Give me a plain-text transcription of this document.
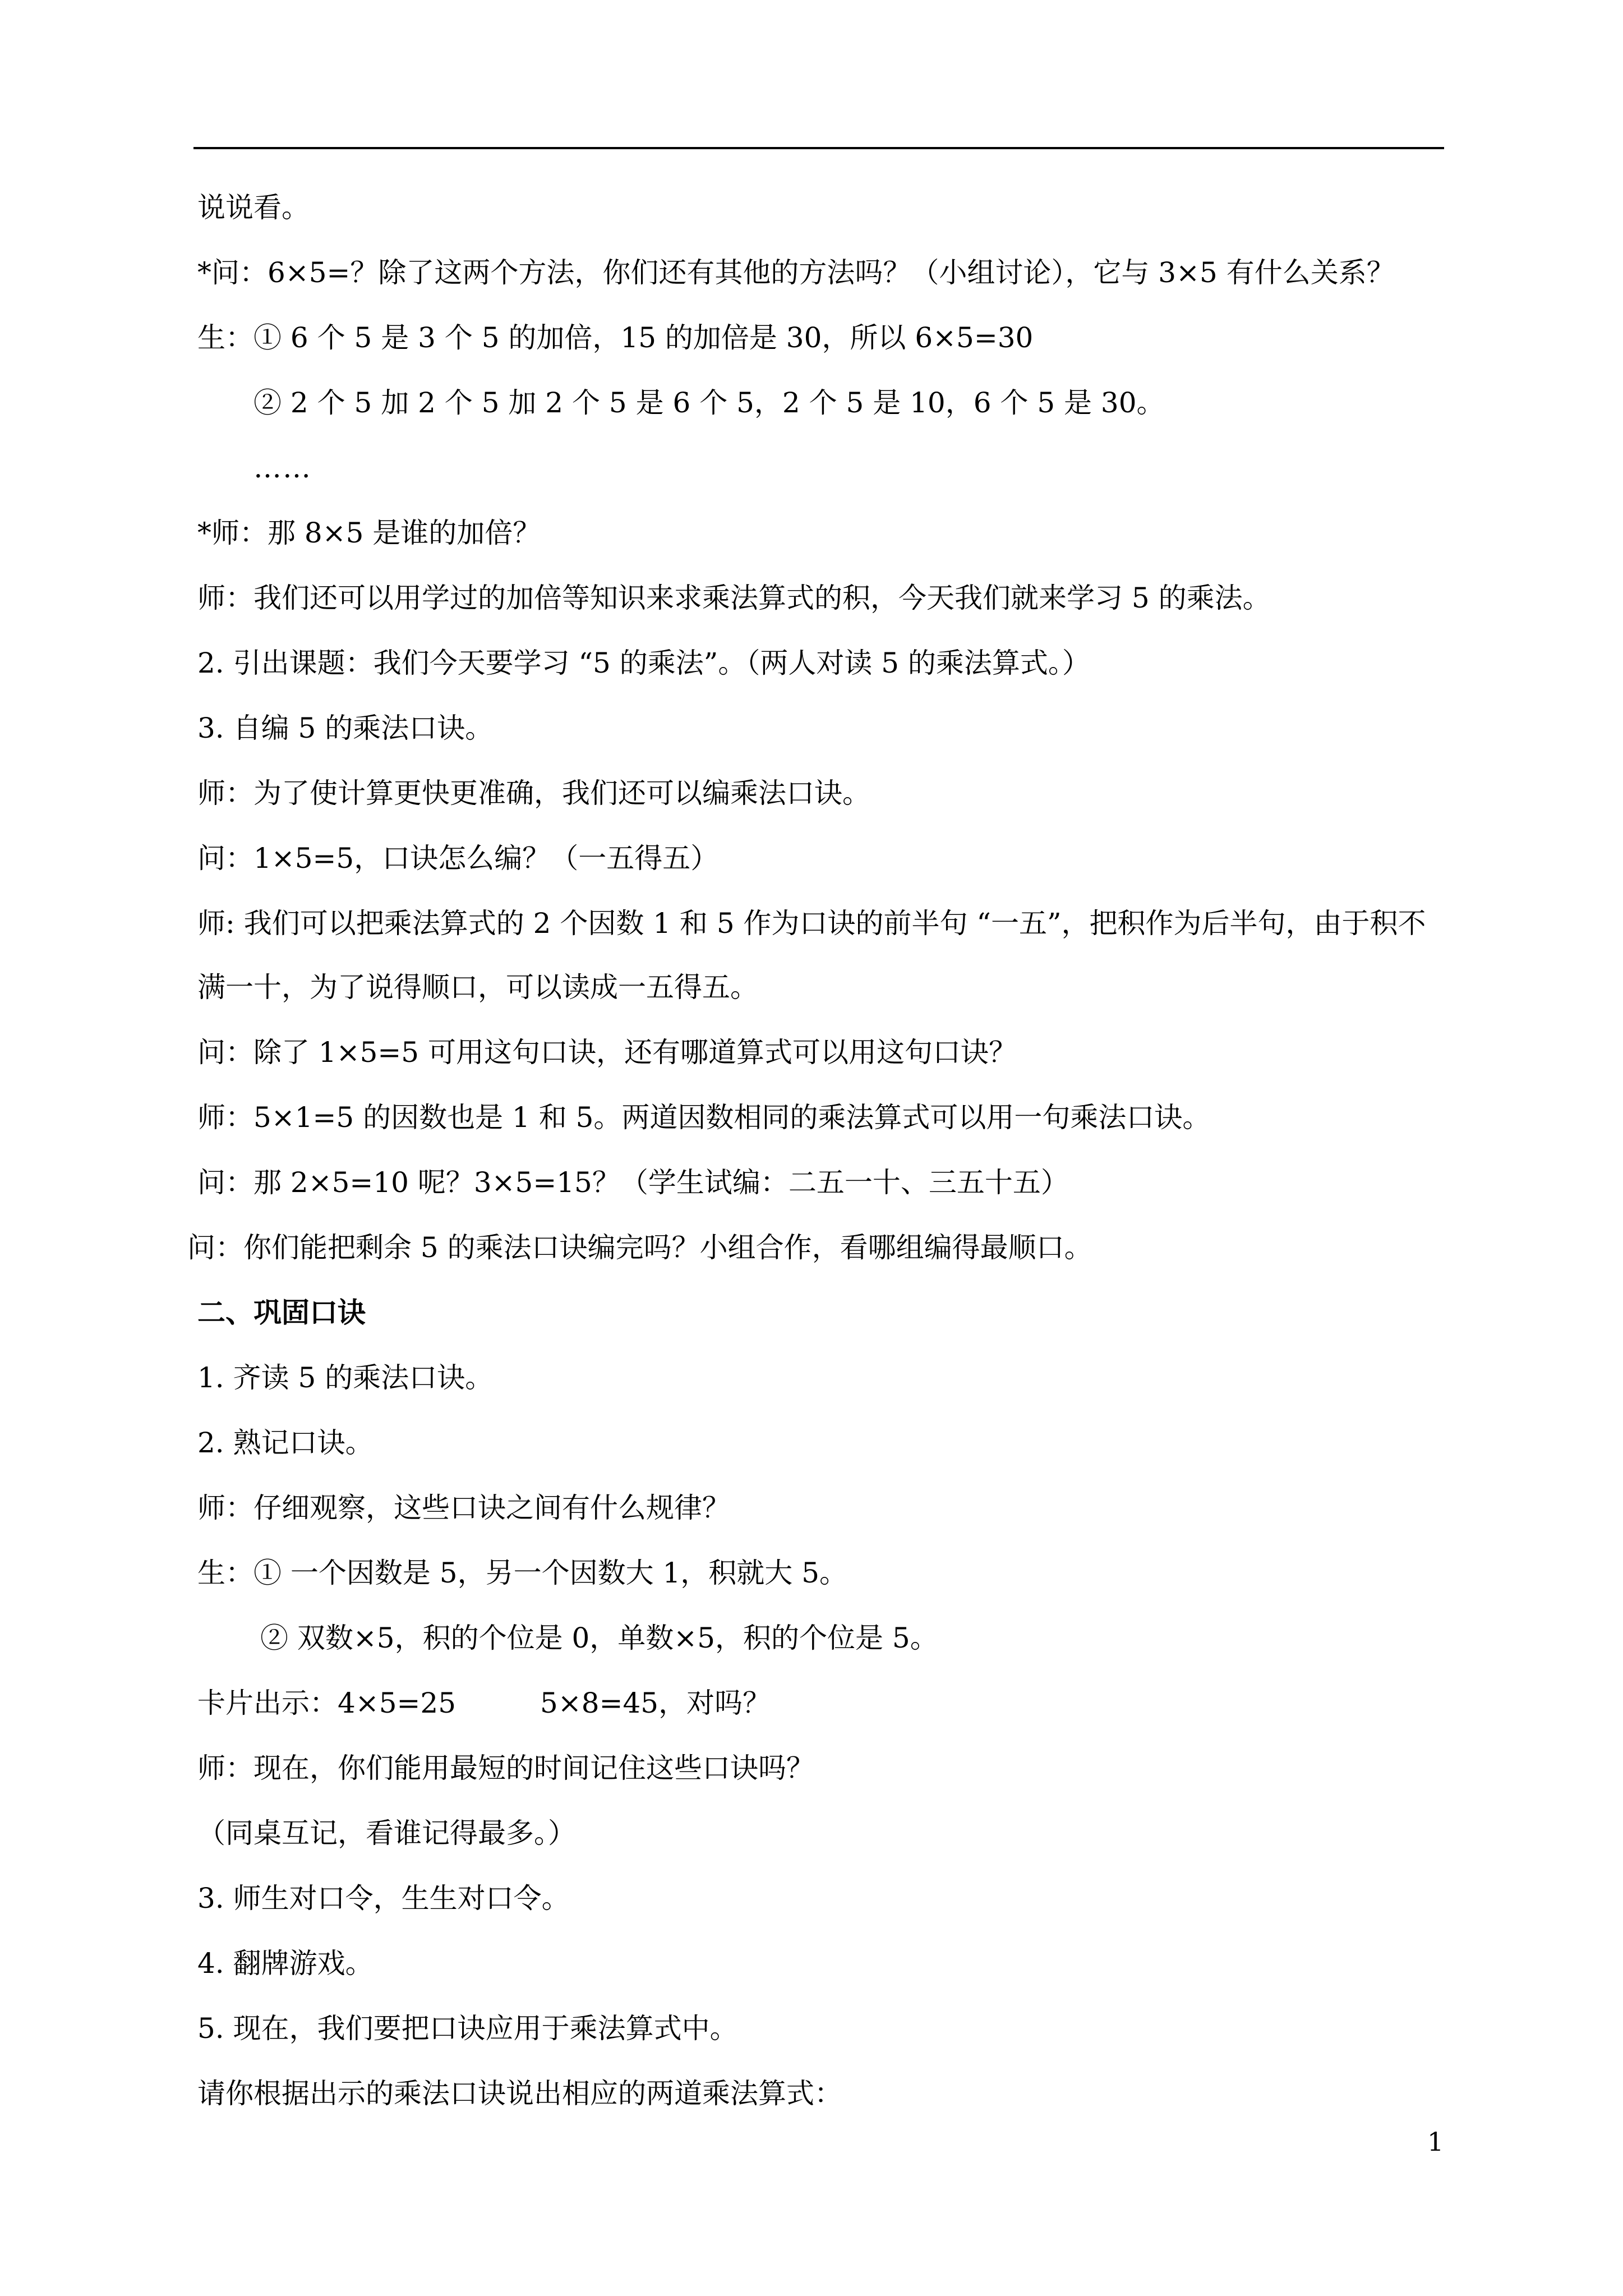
说说看。
*问：6×5=？除了这两个方法，你们还有其他的方法吗？（小组讨论），它与 3×5 有什么关系？
生：① 6 个 5 是 3 个 5 的加倍，15 的加倍是 30，所以 6×5=30
② 2 个 5 加 2 个 5 加 2 个 5 是 6 个 5，2 个 5 是 10，6 个 5 是 30。
……
*师：那 8×5 是谁的加倍？
师：我们还可以用学过的加倍等知识来求乘法算式的积，今天我们就来学习 5 的乘法。
2. 引出课题：我们今天要学习 “5 的乘法”。（两人对读 5 的乘法算式。）
3. 自编 5 的乘法口诀。
师：为了使计算更快更准确，我们还可以编乘法口诀。
问：1×5=5，口诀怎么编？（一五得五）
师: 我们可以把乘法算式的 2 个因数 1 和 5 作为口诀的前半句 “一五”，把积作为后半句，由于积不
满一十，为了说得顺口，可以读成一五得五。
问：除了 1×5=5 可用这句口诀，还有哪道算式可以用这句口诀？
师：5×1=5 的因数也是 1 和 5。两道因数相同的乘法算式可以用一句乘法口诀。
问：那 2×5=10 呢？3×5=15？（学生试编：二五一十、三五十五）
问：你们能把剩余 5 的乘法口诀编完吗？小组合作，看哪组编得最顺口。
二、巩固口诀
1. 齐读 5 的乘法口诀。
2. 熟记口诀。
师：仔细观察，这些口诀之间有什么规律？
生：① 一个因数是 5，另一个因数大 1，积就大 5。
② 双数×5，积的个位是 0，单数×5，积的个位是 5。
卡片出示：4×5=25	5×8=45，对吗？
师：现在，你们能用最短的时间记住这些口诀吗？
（同桌互记，看谁记得最多。）
3. 师生对口令，生生对口令。
4. 翻牌游戏。
5. 现在，我们要把口诀应用于乘法算式中。
请你根据出示的乘法口诀说出相应的两道乘法算式：
1
